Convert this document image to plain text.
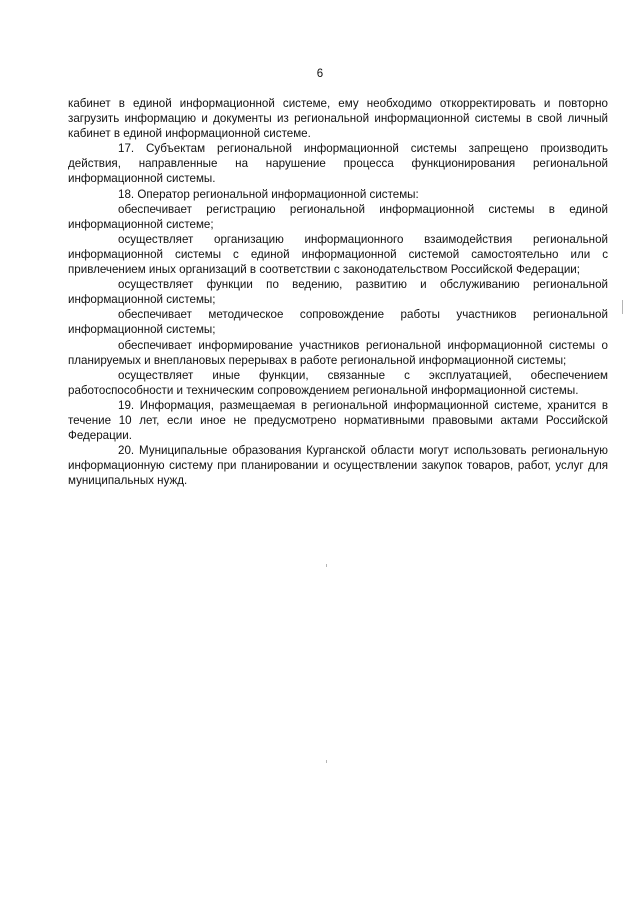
6

кабинет в единой информационной системе, ему необходимо откорректировать и повторно загрузить информацию и документы из региональной информационной системы в свой личный кабинет в единой информационной системе.

17. Субъектам региональной информационной системы запрещено производить действия, направленные на нарушение процесса функционирования региональной информационной системы.

18. Оператор региональной информационной системы:

обеспечивает регистрацию региональной информационной системы в единой информационной системе;

осуществляет организацию информационного взаимодействия региональной информационной системы с единой информационной системой самостоятельно или с привлечением иных организаций в соответствии с законодательством Российской Федерации;

осуществляет функции по ведению, развитию и обслуживанию региональной информационной системы;

обеспечивает методическое сопровождение работы участников региональной информационной системы;

обеспечивает информирование участников региональной информационной системы о планируемых и внеплановых перерывах в работе региональной информационной системы;

осуществляет иные функции, связанные с эксплуатацией, обеспечением работоспособности и техническим сопровождением региональной информационной системы.

19. Информация, размещаемая в региональной информационной системе, хранится в течение 10 лет, если иное не предусмотрено нормативными правовыми актами Российской Федерации.

20. Муниципальные образования Курганской области могут использовать региональную информационную систему при планировании и осуществлении закупок товаров, работ, услуг для муниципальных нужд.
